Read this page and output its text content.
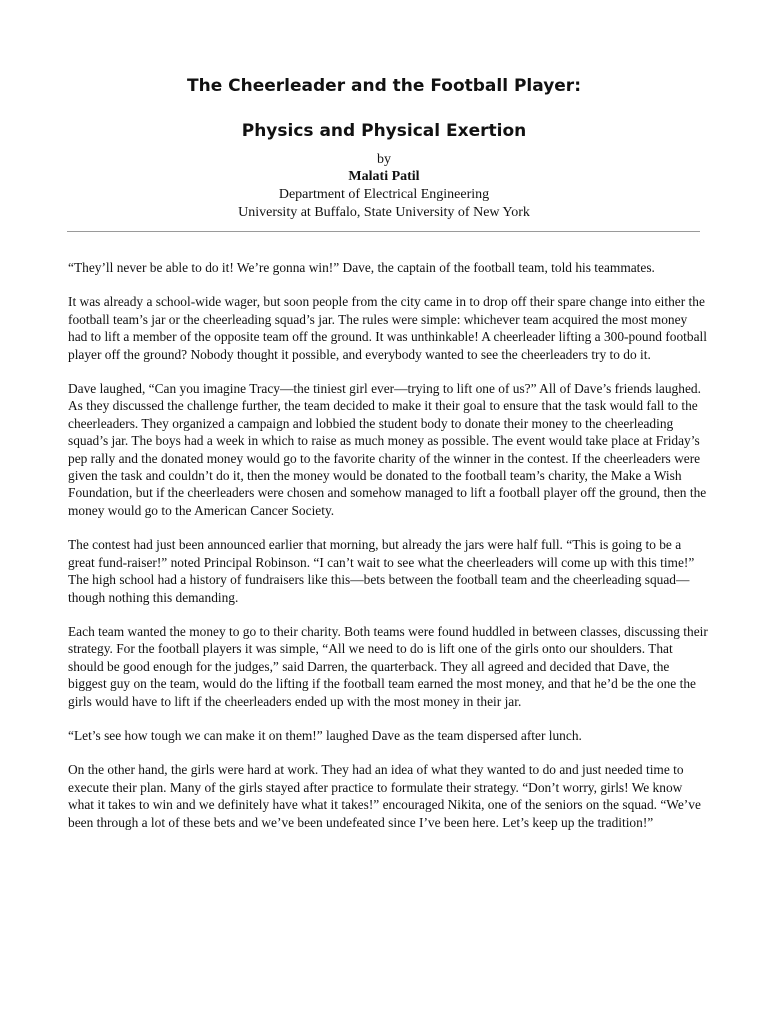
The Cheerleader and the Football Player:
Physics and Physical Exertion
by
Malati Patil
Department of Electrical Engineering
University at Buffalo, State University of New York

“They’ll never be able to do it! We’re gonna win!” Dave, the captain of the football team, told his teammates.

It was already a school-wide wager, but soon people from the city came in to drop off their spare change into either the football team’s jar or the cheerleading squad’s jar. The rules were simple: whichever team acquired the most money had to lift a member of the opposite team off the ground. It was unthinkable! A cheerleader lifting a 300-pound football player off the ground? Nobody thought it possible, and everybody wanted to see the cheerleaders try to do it.

Dave laughed, “Can you imagine Tracy—the tiniest girl ever—trying to lift one of us?” All of Dave’s friends laughed. As they discussed the challenge further, the team decided to make it their goal to ensure that the task would fall to the cheerleaders. They organized a campaign and lobbied the student body to donate their money to the cheerleading squad’s jar. The boys had a week in which to raise as much money as possible. The event would take place at Friday’s pep rally and the donated money would go to the favorite charity of the winner in the contest. If the cheerleaders were given the task and couldn’t do it, then the money would be donated to the football team’s charity, the Make a Wish Foundation, but if the cheerleaders were chosen and somehow managed to lift a football player off the ground, then the money would go to the American Cancer Society.

The contest had just been announced earlier that morning, but already the jars were half full. “This is going to be a great fund-raiser!” noted Principal Robinson. “I can’t wait to see what the cheerleaders will come up with this time!” The high school had a history of fundraisers like this—bets between the football team and the cheerleading squad—though nothing this demanding.

Each team wanted the money to go to their charity. Both teams were found huddled in between classes, discussing their strategy. For the football players it was simple, “All we need to do is lift one of the girls onto our shoulders. That should be good enough for the judges,” said Darren, the quarterback. They all agreed and decided that Dave, the biggest guy on the team, would do the lifting if the football team earned the most money, and that he’d be the one the girls would have to lift if the cheerleaders ended up with the most money in their jar.

“Let’s see how tough we can make it on them!” laughed Dave as the team dispersed after lunch.

On the other hand, the girls were hard at work. They had an idea of what they wanted to do and just needed time to execute their plan. Many of the girls stayed after practice to formulate their strategy. “Don’t worry, girls! We know what it takes to win and we definitely have what it takes!” encouraged Nikita, one of the seniors on the squad. “We’ve been through a lot of these bets and we’ve been undefeated since I’ve been here. Let’s keep up the tradition!”
